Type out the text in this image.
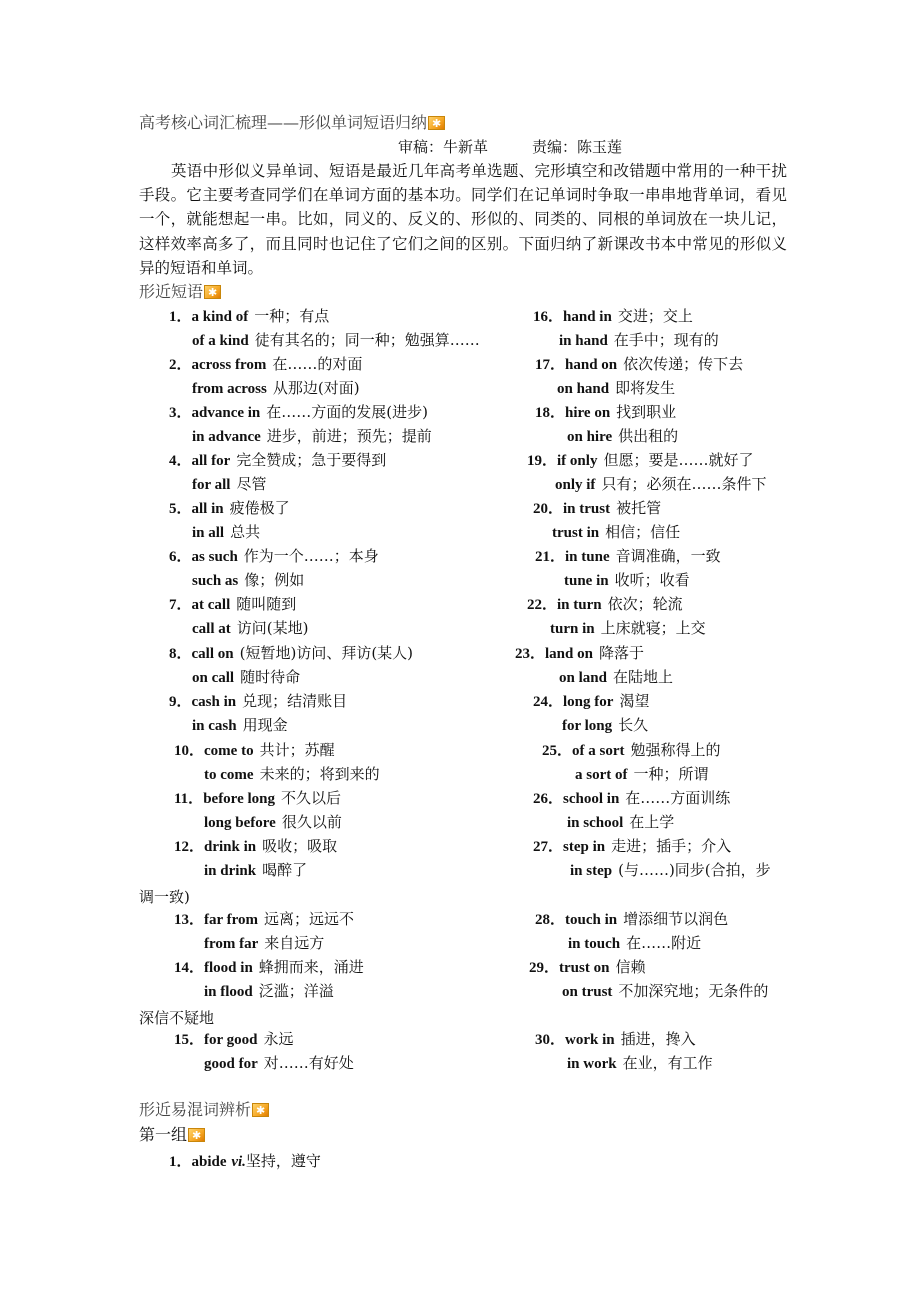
高考核心词汇梳理——形似单词短语归纳✱
审稿：牛新革	责编：陈玉莲
英语中形似义异单词、短语是最近几年高考单选题、完形填空和改错题中常用的一种干扰手段。它主要考查同学们在单词方面的基本功。同学们在记单词时争取一串串地背单词，看见一个，就能想起一串。比如，同义的、反义的、形似的、同类的、同根的单词放在一块儿记，这样效率高多了，而且同时也记住了它们之间的区别。下面归纳了新课改书本中常见的形似义异的短语和单词。
形近短语✱
1．a kind of 一种；有点
of a kind 徒有其名的；同一种；勉强算……
2．across from 在……的对面
from across 从那边(对面)
3．advance in 在……方面的发展(进步)
in advance 进步，前进；预先；提前
4．all for 完全赞成；急于要得到
for all 尽管
5．all in 疲倦极了
in all 总共
6．as such 作为一个……；本身
such as 像；例如
7．at call 随叫随到
call at 访问(某地)
8．call on (短暂地)访问、拜访(某人)
on call 随时待命
9．cash in 兑现；结清账目
in cash 用现金
10．come to 共计；苏醒
to come 未来的；将到来的
11．before long 不久以后
long before 很久以前
12．drink in 吸收；吸取
in drink 喝醉了
13．far from 远离；远远不
from far 来自远方
14．flood in 蜂拥而来，涌进
in flood 泛滥；洋溢
15．for good 永远
good for 对……有好处
16．hand in 交进；交上
in hand 在手中；现有的
17．hand on 依次传递；传下去
on hand 即将发生
18．hire on 找到职业
on hire 供出租的
19．if only 但愿；要是……就好了
only if 只有；必须在……条件下
20．in trust 被托管
trust in 相信；信任
21．in tune 音调准确，一致
tune in 收听；收看
22．in turn 依次；轮流
turn in 上床就寝；上交
23．land on 降落于
on land 在陆地上
24．long for 渴望
for long 长久
25．of a sort 勉强称得上的
a sort of 一种；所谓
26．school in 在……方面训练
in school 在上学
27．step in 走进；插手；介入
in step (与……)同步(合拍，步
28．touch in 增添细节以润色
in touch 在……附近
29．trust on 信赖
on trust 不加深究地；无条件的
30．work in 插进，搀入
in work 在业，有工作
调一致)
深信不疑地
形近易混词辨析✱
第一组✱
1．abide vi.坚持，遵守
